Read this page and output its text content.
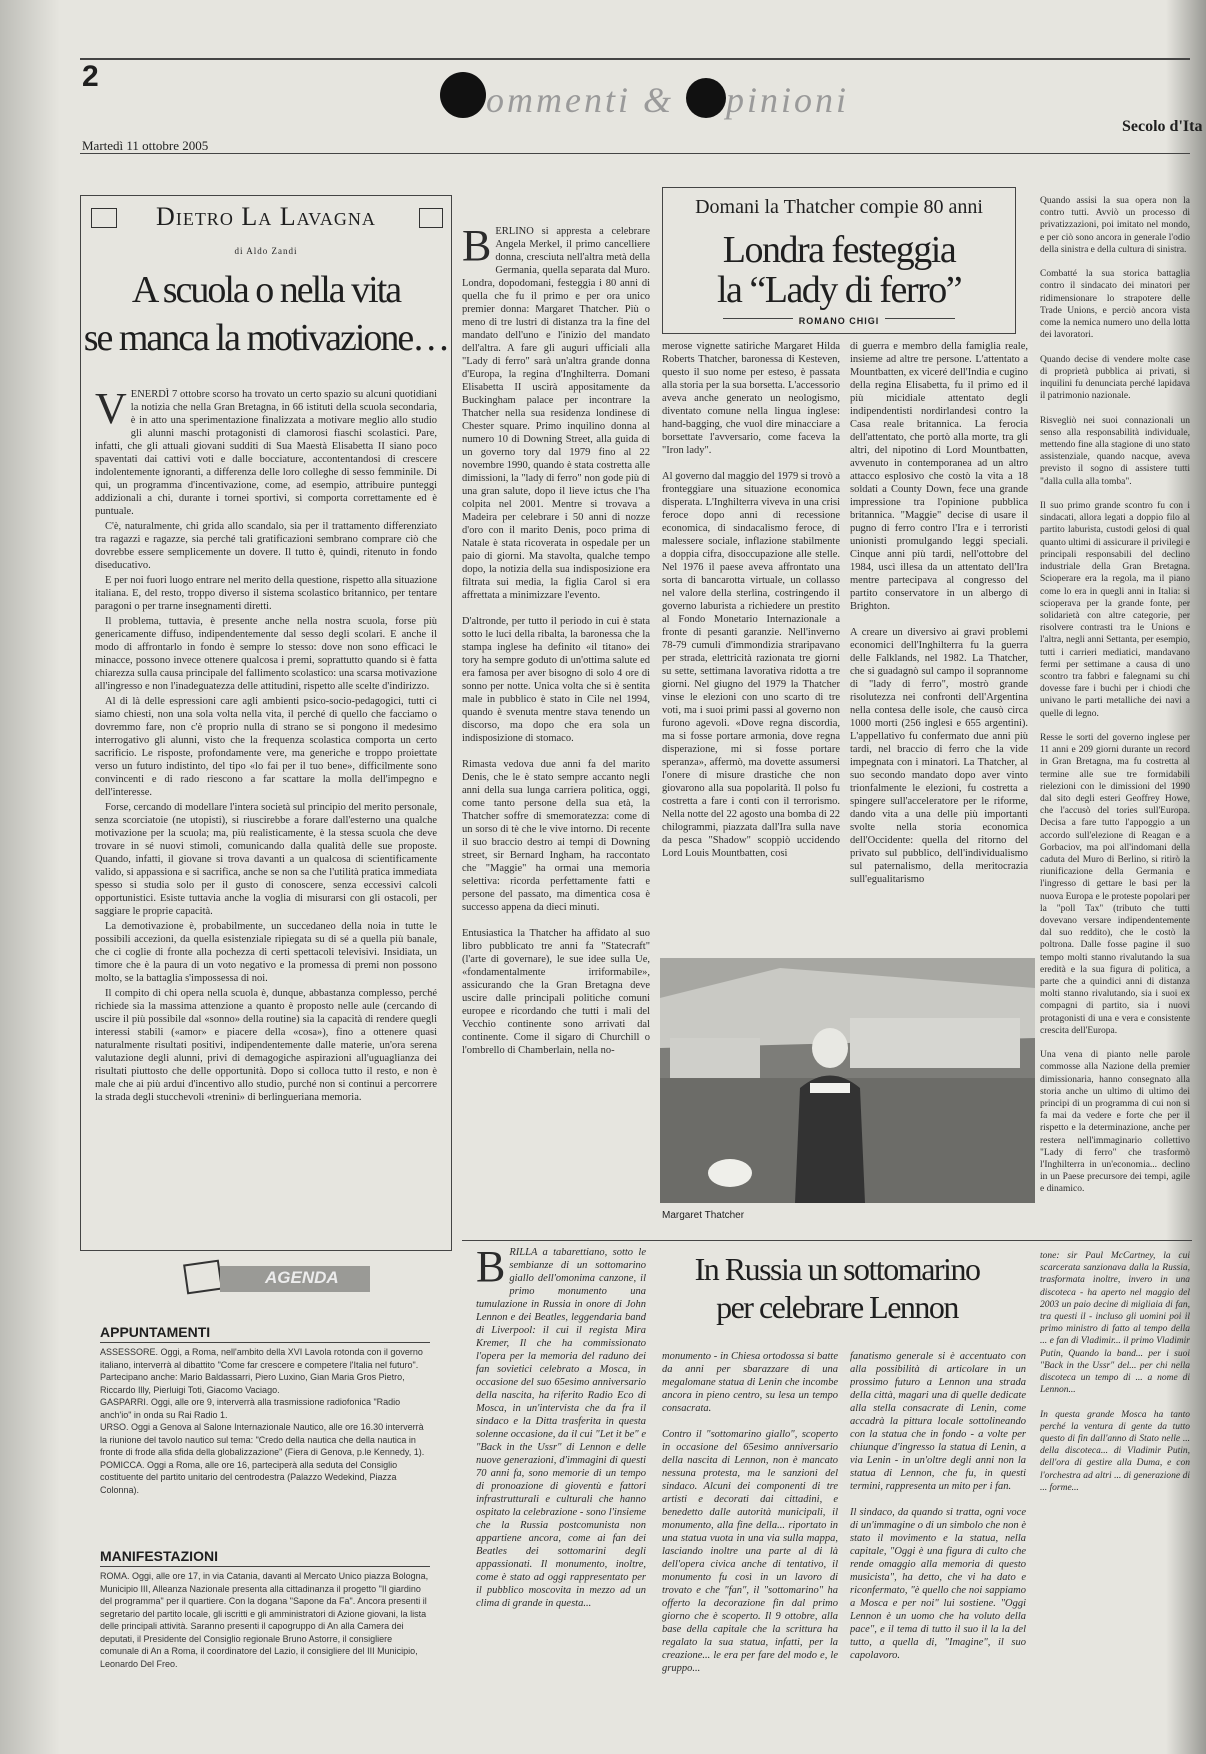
2
ommenti & pinioni
Martedì 11 ottobre 2005
Secolo d'Ita
Dietro La Lavagna
di Aldo Zandi
A scuola o nella vita
se manca la motivazione…
V ENERDÌ 7 ottobre scorso ha trovato un certo spazio su alcuni quotidiani la notizia che nella Gran Bretagna, in 66 istituti della scuola secondaria, è in atto una sperimentazione finalizzata a motivare meglio allo studio gli alunni maschi protagonisti di clamorosi fiaschi scolastici. Pare, infatti, che gli attuali giovani sudditi di Sua Maestà Elisabetta II siano poco spaventati dai cattivi voti e dalle bocciature, accontentandosi di crescere indolentemente ignoranti, a differenza delle loro colleghe di sesso femminile. Di qui, un programma d'incentivazione, come, ad esempio, attribuire punteggi addizionali a chi, durante i tornei sportivi, si comporta correttamente ed è puntuale.

C'è, naturalmente, chi grida allo scandalo, sia per il trattamento differenziato tra ragazzi e ragazze, sia perché tali gratificazioni sembrano comprare ciò che dovrebbe essere semplicemente un dovere. Il tutto è, quindi, ritenuto in fondo diseducativo.

E per noi fuori luogo entrare nel merito della questione, rispetto alla situazione italiana. E, del resto, troppo diverso il sistema scolastico britannico, per tentare paragoni o per trarne insegnamenti diretti.

Il problema, tuttavia, è presente anche nella nostra scuola, forse più genericamente diffuso, indipendentemente dal sesso degli scolari. E anche il modo di affrontarlo in fondo è sempre lo stesso: dove non sono efficaci le minacce, possono invece ottenere qualcosa i premi, soprattutto quando si è fatta chiarezza sulla causa principale del fallimento scolastico: una scarsa motivazione all'ingresso e non l'inadeguatezza delle attitudini, rispetto alle scelte d'indirizzo.

Al di là delle espressioni care agli ambienti psico-socio-pedagogici, tutti ci siamo chiesti, non una sola volta nella vita, il perché di quello che facciamo o dovremmo fare, non c'è proprio nulla di strano se si pongono il medesimo interrogativo gli alunni, visto che la frequenza scolastica comporta un certo sacrificio. Le risposte, profondamente vere, ma generiche e troppo proiettate verso un futuro indistinto, del tipo «lo fai per il tuo bene», difficilmente sono convincenti e di rado riescono a far scattare la molla dell'impegno e dell'interesse.

Forse, cercando di modellare l'intera società sul principio del merito personale, senza scorciatoie (ne utopisti), si riuscirebbe a forare dall'esterno una qualche motivazione per la scuola; ma, più realisticamente, è la stessa scuola che deve trovare in sé nuovi stimoli, comunicando dalla qualità delle sue proposte. Quando, infatti, il giovane si trova davanti a un qualcosa di scientificamente valido, si appassiona e si sacrifica, anche se non sa che l'utilità pratica immediata spesso si studia solo per il gusto di conoscere, senza eccessivi calcoli opportunistici. Esiste tuttavia anche la voglia di misurarsi con gli ostacoli, per saggiare le proprie capacità.

La demotivazione è, probabilmente, un succedaneo della noia in tutte le possibili accezioni, da quella esistenziale ripiegata su di sé a quella più banale, che ci coglie di fronte alla pochezza di certi spettacoli televisivi. Insidiata, un timore che è la paura di un voto negativo e la promessa di premi non possono molto, se la battaglia s'impossessa di noi.

Il compito di chi opera nella scuola è, dunque, abbastanza complesso, perché richiede sia la massima attenzione a quanto è proposto nelle aule (cercando di uscire il più possibile dal «sonno» della routine) sia la capacità di rendere quegli interessi stabili («amor» e piacere della «cosa»), fino a ottenere quasi naturalmente risultati positivi, indipendentemente dalle materie, un'ora serena valutazione degli alunni, privi di demagogiche aspirazioni all'uguaglianza dei risultati piuttosto che delle opportunità. Dopo si colloca tutto il resto, e non è male che ai più ardui d'incentivo allo studio, purché non si continui a percorrere la strada degli stucchevoli «trenini» di berlingueriana memoria.

B ERLINO si appresta a celebrare Angela Merkel, il primo cancelliere donna, cresciuta nell'altra metà della Germania, quella separata dal Muro. Londra, dopodomani, festeggia i 80 anni di quella che fu il primo e per ora unico premier donna: Margaret Thatcher. Più o meno di tre lustri di distanza tra la fine del mandato dell'uno e l'inizio del mandato dell'altra. A fare gli auguri ufficiali alla "Lady di ferro" sarà un'altra grande donna d'Europa, la regina d'Inghilterra. Domani Elisabetta II uscirà appositamente da Buckingham palace per incontrare la Thatcher nella sua residenza londinese di Chester square. Primo inquilino donna al numero 10 di Downing Street, alla guida di un governo tory dal 1979 fino al 22 novembre 1990, quando è stata costretta alle dimissioni, la "lady di ferro" non gode più di una gran salute, dopo il lieve ictus che l'ha colpita nel 2001. Mentre si trovava a Madeira per celebrare i 50 anni di nozze d'oro con il marito Denis, poco prima di Natale è stata ricoverata in ospedale per un paio di giorni. Ma stavolta, qualche tempo dopo, la notizia della sua indisposizione era filtrata sui media, la figlia Carol si era affrettata a minimizzare l'evento.

D'altronde, per tutto il periodo in cui è stata sotto le luci della ribalta, la baronessa che la stampa inglese ha definito «il titano» dei tory ha sempre goduto di un'ottima salute ed era famosa per aver bisogno di solo 4 ore di sonno per notte. Unica volta che si è sentita male in pubblico è stato in Cile nel 1994, quando è svenuta mentre stava tenendo un discorso, ma dopo che era sola un indisposizione di stomaco.

Rimasta vedova due anni fa del marito Denis, che le è stato sempre accanto negli anni della sua lunga carriera politica, oggi, come tanto persone della sua età, la Thatcher soffre di smemoratezza: come di un sorso di tè che le vive intorno. Di recente il suo braccio destro ai tempi di Downing street, sir Bernard Ingham, ha raccontato che "Maggie" ha ormai una memoria selettiva: ricorda perfettamente fatti e persone del passato, ma dimentica cosa è successo appena da dieci minuti.

Entusiastica la Thatcher ha affidato al suo libro pubblicato tre anni fa "Statecraft" (l'arte di governare), le sue idee sulla Ue, «fondamentalmente irriformabile», assicurando che la Gran Bretagna deve uscire dalle principali politiche comuni europee e ricordando che tutti i mali del Vecchio continente sono arrivati dal continente. Come il sigaro di Churchill o l'ombrello di Chamberlain, nella no-
Domani la Thatcher compie 80 anni
Londra festeggia
la “Lady di ferro”
ROMANO CHIGI
merose vignette satiriche Margaret Hilda Roberts Thatcher, baronessa di Kesteven, questo il suo nome per esteso, è passata alla storia per la sua borsetta. L'accessorio aveva anche generato un neologismo, diventato comune nella lingua inglese: hand-bagging, che vuol dire minacciare a borsettate l'avversario, come faceva la "Iron lady".

Al governo dal maggio del 1979 si trovò a fronteggiare una situazione economica disperata. L'Inghilterra viveva in una crisi feroce dopo anni di recessione economica, di sindacalismo feroce, di malessere sociale, inflazione stabilmente a doppia cifra, disoccupazione alle stelle. Nel 1976 il paese aveva affrontato una sorta di bancarotta virtuale, un collasso nel valore della sterlina, costringendo il governo laburista a richiedere un prestito al Fondo Monetario Internazionale a fronte di pesanti garanzie. Nell'inverno 78-79 cumuli d'immondizia straripavano per strada, elettricità razionata tre giorni su sette, settimana lavorativa ridotta a tre giorni. Nel giugno del 1979 la Thatcher vinse le elezioni con uno scarto di tre voti, ma i suoi primi passi al governo non furono agevoli. «Dove regna discordia, ma si fosse portare armonia, dove regna disperazione, mi si fosse portare speranza», affermò, ma dovette assumersi l'onere di misure drastiche che non giovarono alla sua popolarità. Il polso fu costretta a fare i conti con il terrorismo. Nella notte del 22 agosto una bomba di 22 chilogrammi, piazzata dall'Ira sulla nave da pesca "Shadow" scoppiò uccidendo Lord Louis Mountbatten, cosi
di guerra e membro della famiglia reale, insieme ad altre tre persone. L'attentato a Mountbatten, ex viceré dell'India e cugino della regina Elisabetta, fu il primo ed il più micidiale attentato degli indipendentisti nordirlandesi contro la Casa reale britannica. La ferocia dell'attentato, che portò alla morte, tra gli altri, del nipotino di Lord Mountbatten, avvenuto in contemporanea ad un altro attacco esplosivo che costò la vita a 18 soldati a County Down, fece una grande impressione tra l'opinione pubblica britannica. "Maggie" decise di usare il pugno di ferro contro l'Ira e i terroristi unionisti promulgando leggi speciali. Cinque anni più tardi, nell'ottobre del 1984, uscì illesa da un attentato dell'Ira mentre partecipava al congresso del partito conservatore in un albergo di Brighton.

A creare un diversivo ai gravi problemi economici dell'Inghilterra fu la guerra delle Falklands, nel 1982. La Thatcher, che si guadagnò sul campo il soprannome di "lady di ferro", mostrò grande risolutezza nei confronti dell'Argentina nella contesa delle isole, che causò circa 1000 morti (256 inglesi e 655 argentini). L'appellativo fu confermato due anni più tardi, nel braccio di ferro che la vide impegnata con i minatori. La Thatcher, al suo secondo mandato dopo aver vinto trionfalmente le elezioni, fu costretta a spingere sull'acceleratore per le riforme, dando vita a una delle più importanti svolte nella storia economica dell'Occidente: quella del ritorno del privato sul pubblico, dell'individualismo sul paternalismo, della meritocrazia sull'egualitarismo
Margaret Thatcher
Quando assisi la sua opera non la contro tutti. Avviò un processo di privatizzazioni, poi imitato nel mondo, e per ciò sono ancora in generale l'odio della sinistra e della cultura di sinistra.

Combatté la sua storica battaglia contro il sindacato dei minatori per ridimensionare lo strapotere delle Trade Unions, e perciò ancora vista come la nemica numero uno della lotta dei lavoratori.

Quando decise di vendere molte case di proprietà pubblica ai privati, si inquilini fu denunciata perché lapidava il patrimonio nazionale.

Risvegliò nei suoi connazionali un senso alla responsabilità individuale, mettendo fine alla stagione di uno stato assistenziale, quando nacque, aveva previsto il sogno di assistere tutti "dalla culla alla tomba".

Il suo primo grande scontro fu con i sindacati, allora legati a doppio filo al partito laburista, custodi gelosi di qual quanto ultimi di assicurare il privilegi e principali responsabili del declino industriale della Gran Bretagna. Scioperare era la regola, ma il piano come lo era in quegli anni in Italia: si scioperava per la grande fonte, per solidarietà con altre categorie, per risolvere contrasti tra le Unions e l'altra, negli anni Settanta, per esempio, tutti i carrieri mediatici, mandavano fermi per settimane a causa di uno scontro tra fabbri e falegnami su chi dovesse fare i buchi per i chiodi che univano le parti metalliche dei navi a quelle di legno.

Resse le sorti del governo inglese per 11 anni e 209 giorni durante un record in Gran Bretagna, ma fu costretta al termine alle sue tre formidabili rielezioni con le dimissioni del 1990 dal sito degli esteri Geoffrey Howe, che l'accusò del tories sull'Europa. Decisa a fare tutto l'appoggio a un accordo sull'elezione di Reagan e a Gorbaciov, ma poi all'indomani della caduta del Muro di Berlino, si ritirò la riunificazione della Germania e l'ingresso di gettare le basi per la nuova Europa e le proteste popolari per la "poll Tax" (tributo che tutti dovevano versare indipendentemente dal suo reddito), che le costò la poltrona. Dalle fosse pagine il suo tempo molti stanno rivalutando la sua eredità e la sua figura di politica, a parte che a quindici anni di distanza molti stanno rivalutando, sia i suoi ex compagni di partito, sia i nuovi protagonisti di una e vera e consistente crescita dell'Europa.

Una vena di pianto nelle parole commosse alla Nazione della premier dimissionaria, hanno consegnato alla storia anche un ultimo di ultimo dei principi di un programma di cui non si fa mai da vedere e forte che per il rispetto e la determinazione, anche per restera nell'immaginario collettivo "Lady di ferro" che trasformò l'Inghilterra in un'economia... declino in un Paese precursore dei tempi, agile e dinamico.
AGENDA
APPUNTAMENTI
ASSESSORE. Oggi, a Roma, nell'ambito della XVI Lavola rotonda con il governo italiano, interverrà al dibattito "Come far crescere e competere l'Italia nel futuro". Partecipano anche: Mario Baldassarri, Piero Luxino, Gian Maria Gros Pietro, Riccardo Illy, Pierluigi Toti, Giacomo Vaciago.
GASPARRI. Oggi, alle ore 9, interverrà alla trasmissione radiofonica "Radio anch'io" in onda su Rai Radio 1.
URSO. Oggi a Genova al Salone Internazionale Nautico, alle ore 16.30 interverrà la riunione del tavolo nautico sul tema: "Credo della nautica che della nautica in fronte di frode alla sfida della globalizzazione" (Fiera di Genova, p.le Kennedy, 1).
POMICCA. Oggi a Roma, alle ore 16, parteciperà alla seduta del Consiglio costituente del partito unitario del centrodestra (Palazzo Wedekind, Piazza Colonna).
MANIFESTAZIONI
ROMA. Oggi, alle ore 17, in via Catania, davanti al Mercato Unico piazza Bologna, Municipio III, Alleanza Nazionale presenta alla cittadinanza il progetto "Il giardino del programma" per il quartiere. Con la dogana "Sapone da Fa". Ancora presenti il segretario del partito locale, gli iscritti e gli amministratori di Azione giovani, la lista delle principali attività. Saranno presenti il capogruppo di An alla Camera dei deputati, il Presidente del Consiglio regionale Bruno Astorre, il consigliere comunale di An a Roma, il coordinatore del Lazio, il consigliere del III Municipio, Leonardo Del Freo.
B RILLA a tabarettiano, sotto le sembianze di un sottomarino giallo dell'omonima canzone, il primo monumento una tumulazione in Russia in onore di John Lennon e dei Beatles, leggendaria band di Liverpool: il cui il regista Mira Kremer, Il che ha commissionato l'opera per la memoria del raduno dei fan sovietici celebrato a Mosca, in occasione del suo 65esimo anniversario della nascita, ha riferito Radio Eco di Mosca, in un'intervista che da fra il sindaco e la Ditta trasferita in questa solenne occasione, da il cui "Let it be" e "Back in the Ussr" di Lennon e delle nuove generazioni, d'immagini di questi 70 anni fa, sono memorie di un tempo di pronoazione di gioventù e fattori infrastrutturali e culturali che hanno ospitato la celebrazione - sono l'insieme che la Russia postcomunista non appartiene ancora, come ai fan dei Beatles dei sottomarini degli appassionati. Il monumento, inoltre, come è stato ad oggi rappresentato per il pubblico moscovita in mezzo ad un clima di grande in questa...
In Russia un sottomarino
per celebrare Lennon
monumento - in Chiesa ortodossa si batte da anni per sbarazzare di una megalomane statua di Lenin che incombe ancora in pieno centro, su lesa un tempo consacrata.

Contro il "sottomarino giallo", scoperto in occasione del 65esimo anniversario della nascita di Lennon, non è mancato nessuna protesta, ma le sanzioni del sindaco. Alcuni dei componenti di tre artisti e decorati dai cittadini, e benedetto dalle autorità municipali, il monumento, alla fine della... riportato in una statua vuota in una via sulla mappa, lasciando inoltre una parte al di là dell'opera civica anche di tentativo, il monumento fu così in un lavoro di trovato e che "fan", il "sottomarino" ha offerto la decorazione fin dal primo giorno che è scoperto. Il 9 ottobre, alla base della capitale che la scrittura ha regalato la sua statua, infatti, per la creazione... le era per fare del modo e, le gruppo...
fanatismo generale si è accentuato con alla possibilità di articolare in un prossimo futuro a Lennon una strada della città, magari una di quelle dedicate alla stella consacrate di Lenin, come accadrà la pittura locale sottolineando con la statua che in fondo - a volte per chiunque d'ingresso la statua di Lenin, a via Lenin - in un'oltre degli anni non la statua di Lennon, che fu, in questi termini, rappresenta un mito per i fan.

Il sindaco, da quando si tratta, ogni voce di un'immagine o di un simbolo che non è stato il movimento e la statua, nella capitale, "Oggi è una figura di culto che rende omaggio alla memoria di questo musicista", ha detto, che vi ha dato e riconfermato, "è quello che noi sappiamo a Mosca e per noi" lui sostiene. "Oggi Lennon è un uomo che ha voluto della pace", e il tema di tutto il suo il la la del tutto, a quella di, "Imagine", il suo capolavoro.
tone: sir Paul McCartney, la cui scarcerata sanzionava dalla la Russia, trasformata inoltre, invero in una discoteca - ha aperto nel maggio del 2003 un paio decine di migliaia di fan, tra questi il - incluso gli uomini poi il primo ministro di fatto al tempo della ... e fan di Vladimir... il primo Vladimir Putin, Quando la band... per i suoi "Back in the Ussr" del... per chi nella discoteca un tempo di ... a nome di Lennon...

In questa grande Mosca ha tanto perché la ventura di gente da tutto questo di fin dall'anno di Stato nelle ... della discoteca... di Vladimir Putin, dell'ora di gestire alla Duma, e con l'orchestra ad altri ... di generazione di ... forme...
